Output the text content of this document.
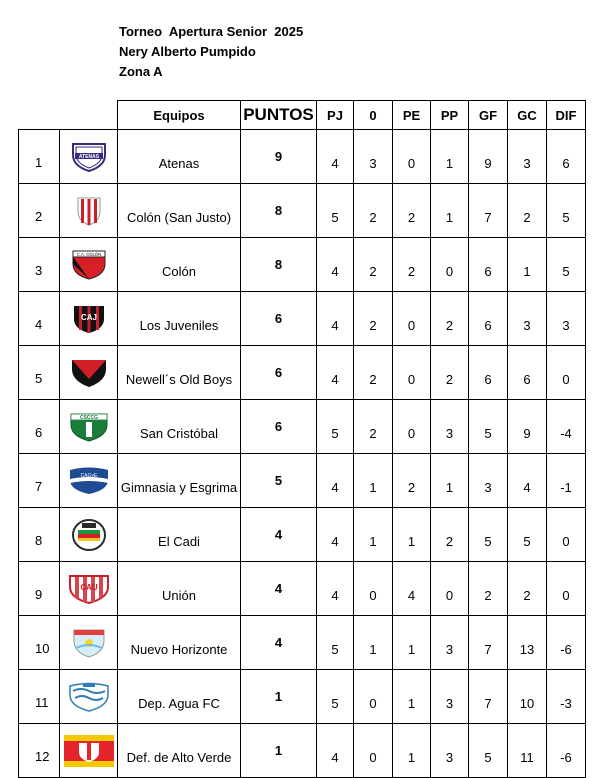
Torneo  Apertura Senior  2025
Nery Alberto Pumpido
Zona A
		Equipos	PUNTOS	PJ	0	PE	PP	GF	GC	DIF
1	ATENAS	Atenas	9	4	3	0	1	9	3	6
2		Colón (San Justo)	8	5	2	2	1	7	2	5
3	C.A. COLÓN	Colón	8	4	2	2	0	6	1	5
4	CAJ	Los Juveniles	6	4	2	0	2	6	3	3
5		Newell´s Old Boys	6	4	2	0	2	6	6	0
6	CSCCG	San Cristóbal	6	5	2	0	3	5	9	-4
7	CAGyE	Gimnasia y Esgrima	5	4	1	2	1	3	4	-1
8		El Cadi	4	4	1	1	2	5	5	0
9	CAU	Unión	4	4	0	4	0	2	2	0
10		Nuevo Horizonte	4	5	1	1	3	7	13	-6
11		Dep. Agua FC	1	5	0	1	3	7	10	-3
12		Def. de Alto Verde	1	4	0	1	3	5	11	-6
